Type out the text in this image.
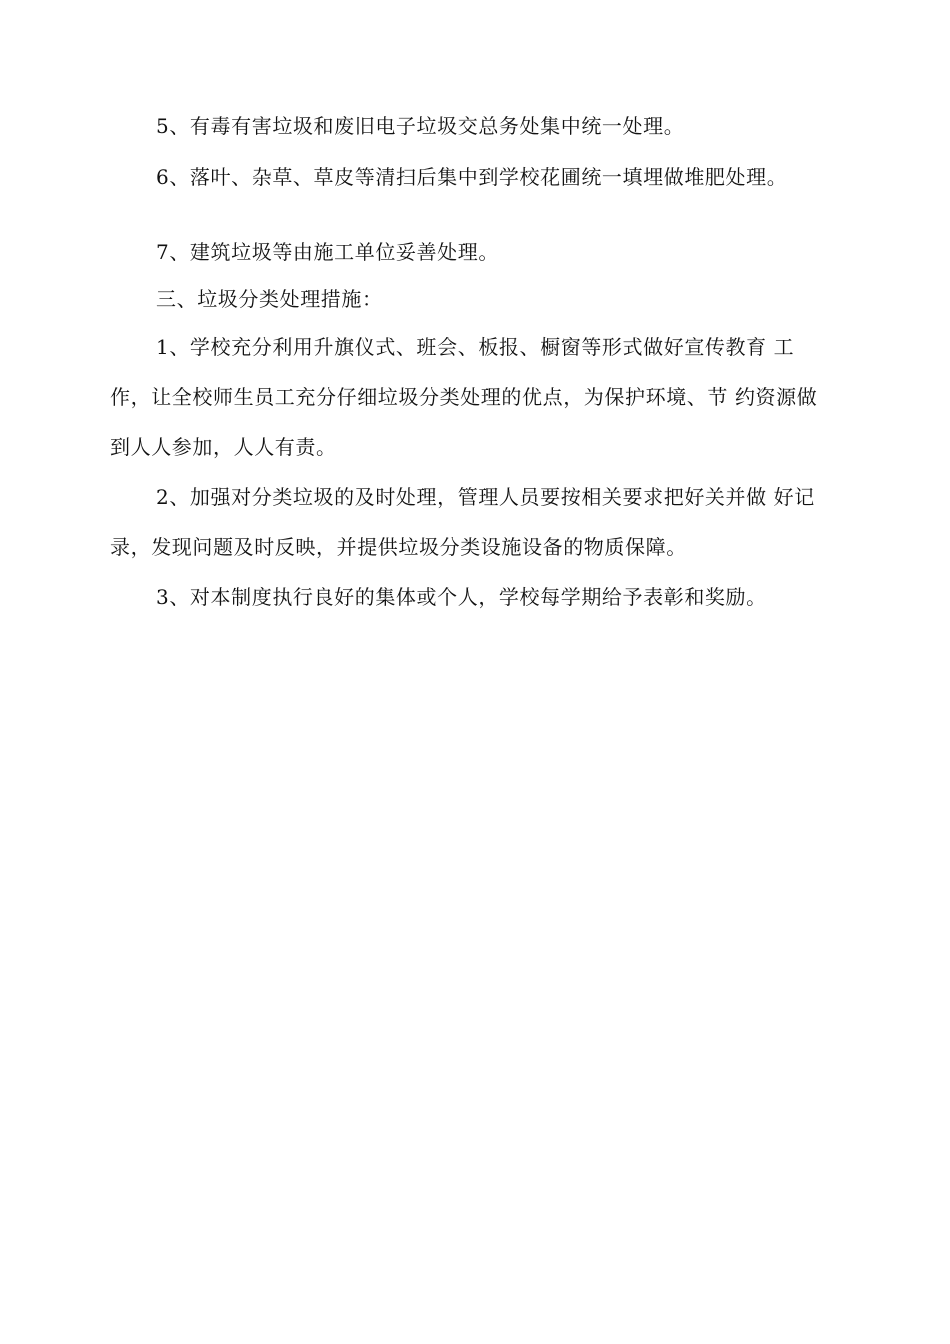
5、有毒有害垃圾和废旧电子垃圾交总务处集中统一处理。

6、落叶、杂草、草皮等清扫后集中到学校花圃统一填埋做堆肥处理。

7、建筑垃圾等由施工单位妥善处理。

三、垃圾分类处理措施：

1、学校充分利用升旗仪式、班会、板报、橱窗等形式做好宣传教育 工作，让全校师生员工充分仔细垃圾分类处理的优点，为保护环境、节 约资源做到人人参加，人人有责。

2、加强对分类垃圾的及时处理，管理人员要按相关要求把好关并做 好记录，发现问题及时反映，并提供垃圾分类设施设备的物质保障。

3、对本制度执行良好的集体或个人，学校每学期给予表彰和奖励。
